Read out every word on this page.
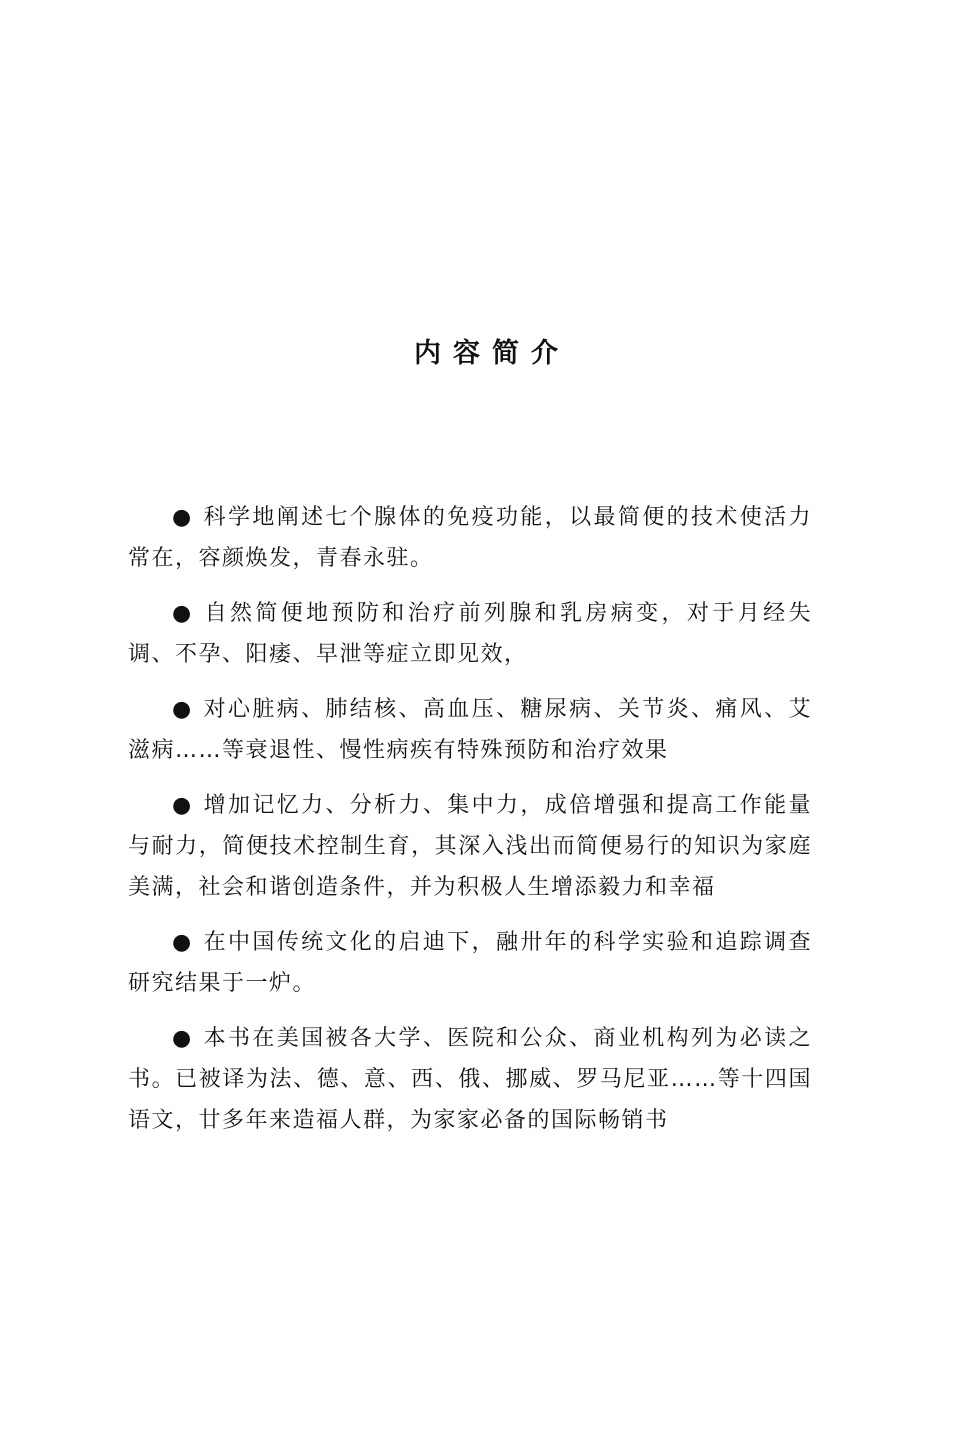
内容简介

● 科学地阐述七个腺体的免疫功能，以最简便的技术使活力常在，容颜焕发，青春永驻。

● 自然简便地预防和治疗前列腺和乳房病变，对于月经失调、不孕、阳痿、早泄等症立即见效，

● 对心脏病、肺结核、高血压、糖尿病、关节炎、痛风、艾滋病……等衰退性、慢性病疾有特殊预防和治疗效果

● 增加记忆力、分析力、集中力，成倍增强和提高工作能量与耐力，简便技术控制生育，其深入浅出而简便易行的知识为家庭美满，社会和谐创造条件，并为积极人生增添毅力和幸福

● 在中国传统文化的启迪下，融卅年的科学实验和追踪调查研究结果于一炉。

● 本书在美国被各大学、医院和公众、商业机构列为必读之书。已被译为法、德、意、西、俄、挪威、罗马尼亚……等十四国语文，廿多年来造福人群，为家家必备的国际畅销书
